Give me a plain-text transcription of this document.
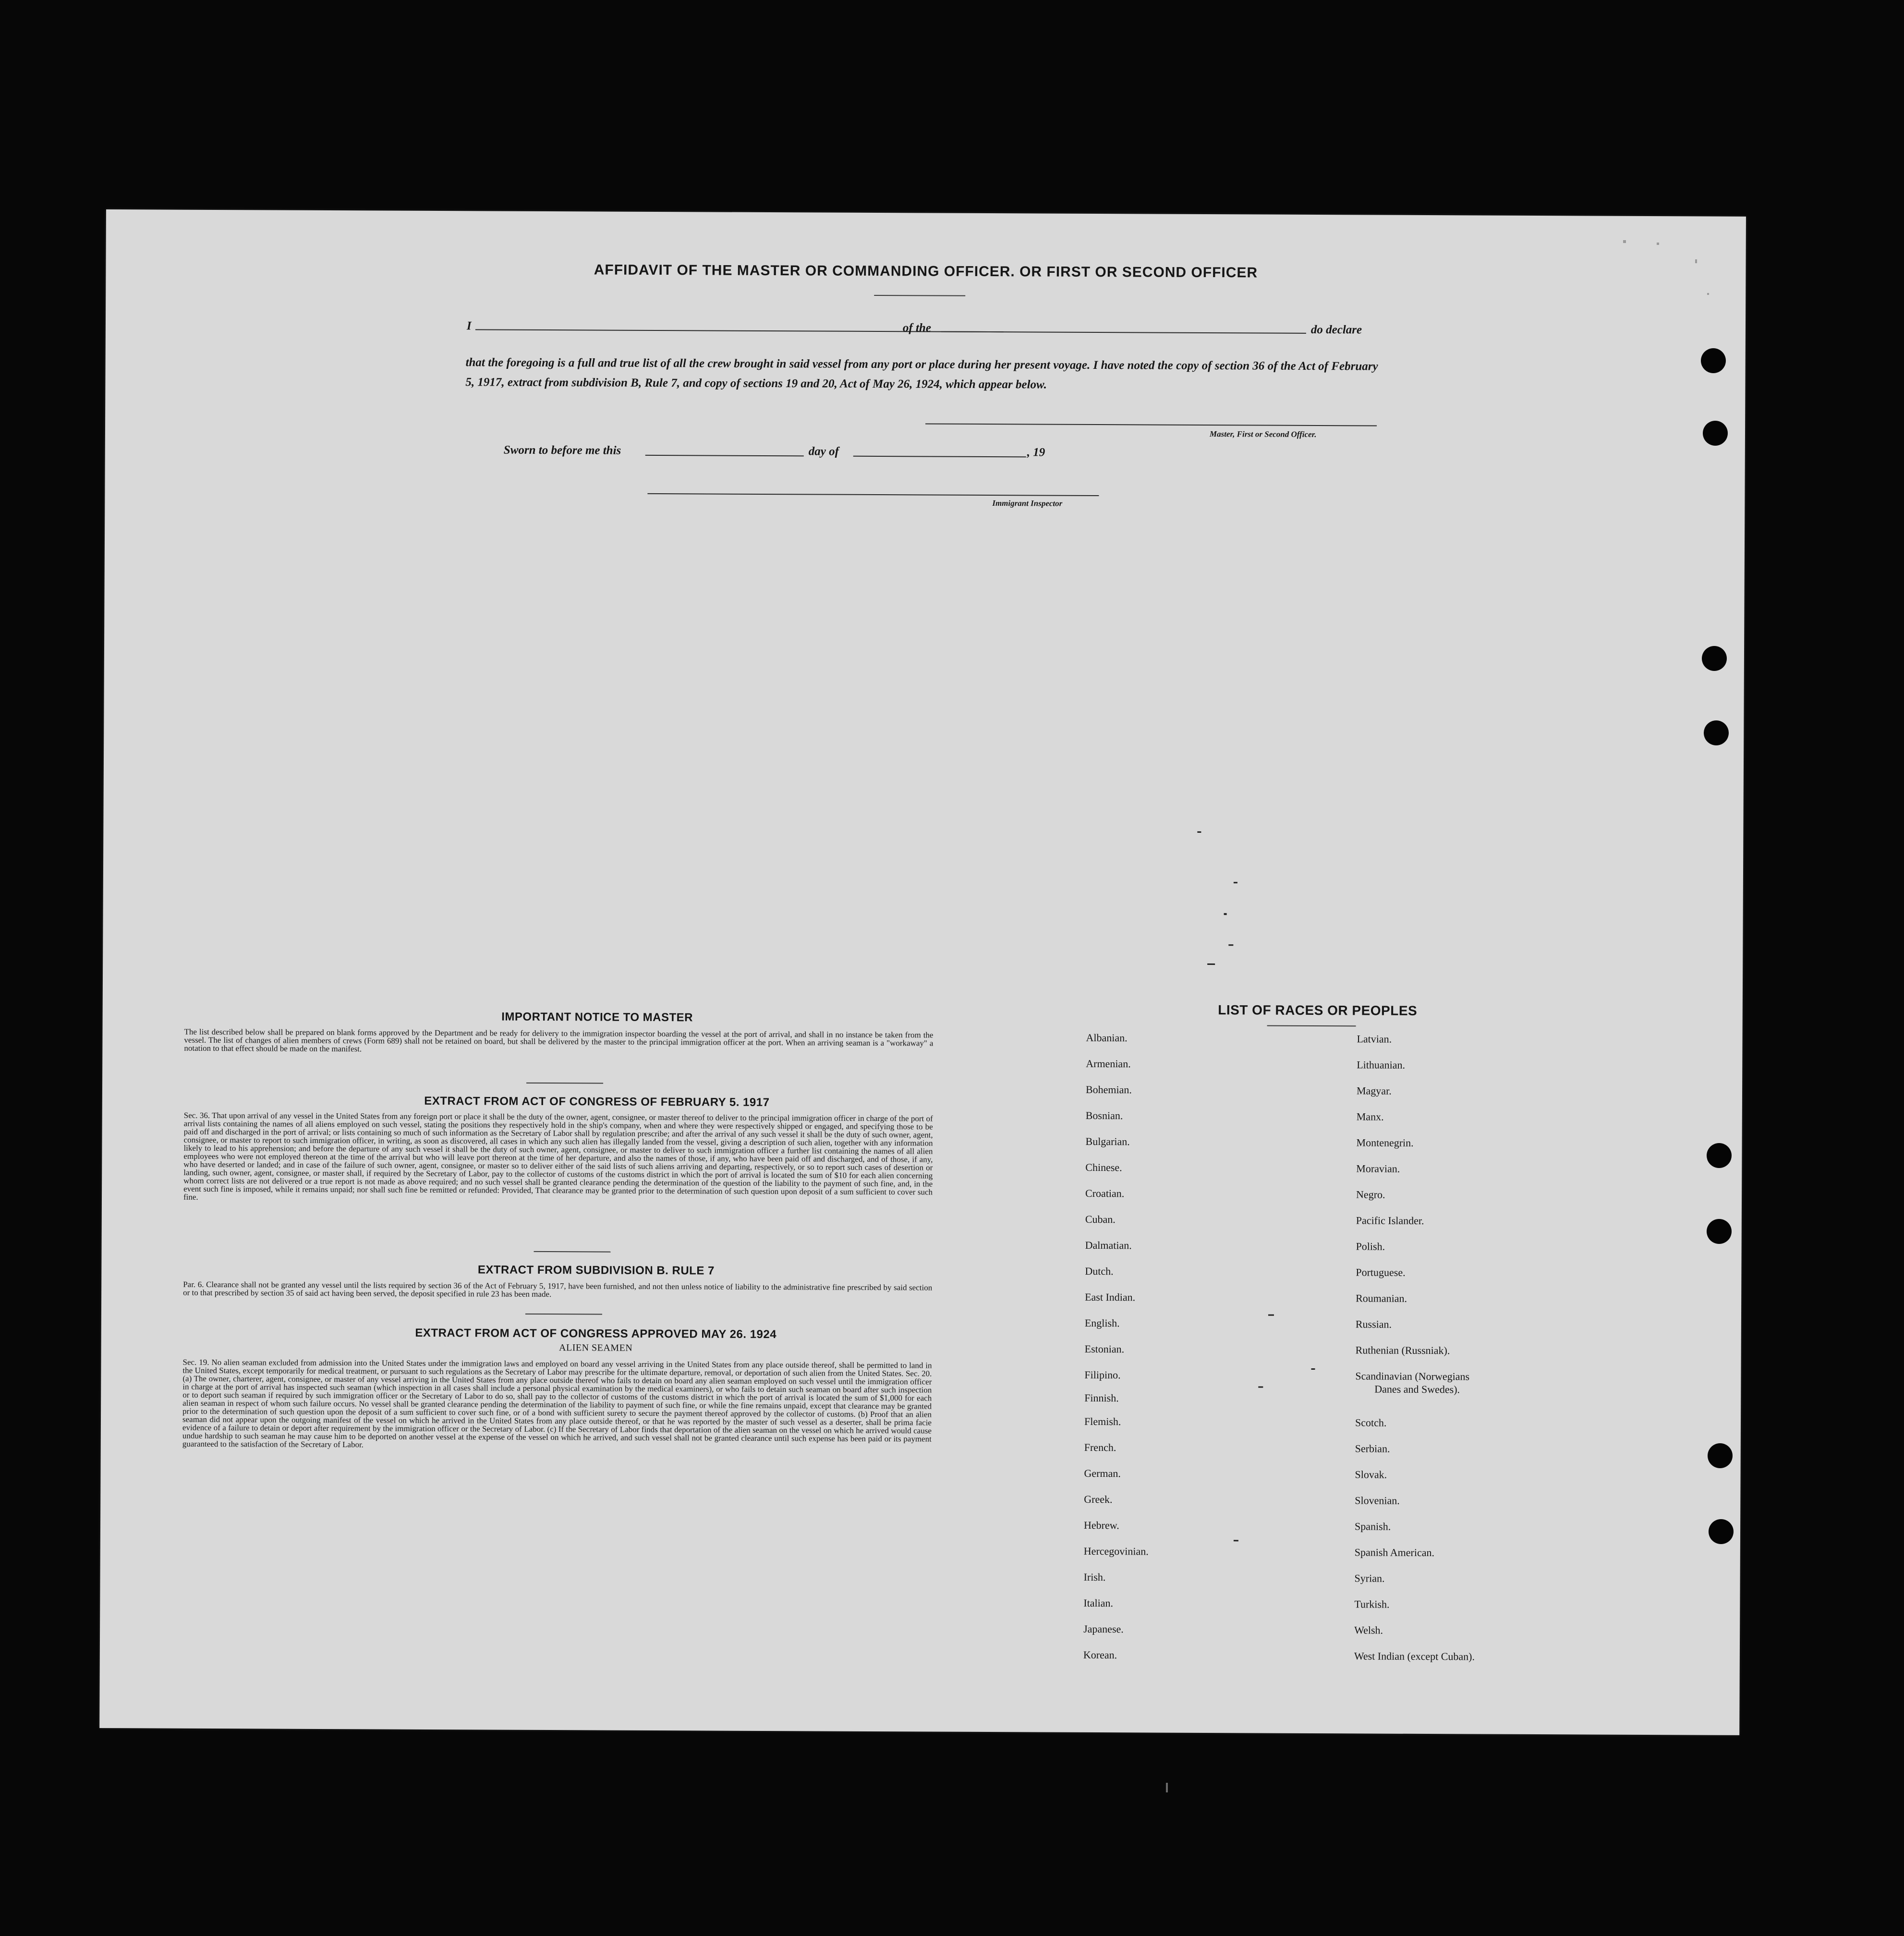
AFFIDAVIT OF THE MASTER OR COMMANDING OFFICER. OR FIRST OR SECOND OFFICER
I	of the	do declare
that the foregoing is a full and true list of all the crew brought in said vessel from any port or place during her present voyage. I have noted the copy of section 36 of the Act of February 5, 1917, extract from subdivision B, Rule 7, and copy of sections 19 and 20, Act of May 26, 1924, which appear below.
Master, First or Second Officer.
Sworn to before me this	day of	, 19
Immigrant Inspector
IMPORTANT NOTICE TO MASTER
The list described below shall be prepared on blank forms approved by the Department and be ready for delivery to the immigration inspector boarding the vessel at the port of arrival, and shall in no instance be taken from the vessel. The list of changes of alien members of crews (Form 689) shall not be retained on board, but shall be delivered by the master to the principal immigration officer at the port. When an arriving seaman is a "workaway" a notation to that effect should be made on the manifest.
EXTRACT FROM ACT OF CONGRESS OF FEBRUARY 5. 1917
Sec. 36. That upon arrival of any vessel in the United States from any foreign port or place it shall be the duty of the owner, agent, consignee, or master thereof to deliver to the principal immigration officer in charge of the port of arrival lists containing the names of all aliens employed on such vessel, stating the positions they respectively hold in the ship's company, when and where they were respectively shipped or engaged, and specifying those to be paid off and discharged in the port of arrival; or lists containing so much of such information as the Secretary of Labor shall by regulation prescribe; and after the arrival of any such vessel it shall be the duty of such owner, agent, consignee, or master to report to such immigration officer, in writing, as soon as discovered, all cases in which any such alien has illegally landed from the vessel, giving a description of such alien, together with any information likely to lead to his apprehension; and before the departure of any such vessel it shall be the duty of such owner, agent, consignee, or master to deliver to such immigration officer a further list containing the names of all alien employees who were not employed thereon at the time of the arrival but who will leave port thereon at the time of her departure, and also the names of those, if any, who have been paid off and discharged, and of those, if any, who have deserted or landed; and in case of the failure of such owner, agent, consignee, or master so to deliver either of the said lists of such aliens arriving and departing, respectively, or so to report such cases of desertion or landing, such owner, agent, consignee, or master shall, if required by the Secretary of Labor, pay to the collector of customs of the customs district in which the port of arrival is located the sum of $10 for each alien concerning whom correct lists are not delivered or a true report is not made as above required; and no such vessel shall be granted clearance pending the determination of the question of the liability to the payment of such fine, and, in the event such fine is imposed, while it remains unpaid; nor shall such fine be remitted or refunded: Provided, That clearance may be granted prior to the determination of such question upon deposit of a sum sufficient to cover such fine.
EXTRACT FROM SUBDIVISION B. RULE 7
Par. 6. Clearance shall not be granted any vessel until the lists required by section 36 of the Act of February 5, 1917, have been furnished, and not then unless notice of liability to the administrative fine prescribed by said section or to that prescribed by section 35 of said act having been served, the deposit specified in rule 23 has been made.
EXTRACT FROM ACT OF CONGRESS APPROVED MAY 26. 1924
ALIEN SEAMEN
Sec. 19. No alien seaman excluded from admission into the United States under the immigration laws and employed on board any vessel arriving in the United States from any place outside thereof, shall be permitted to land in the United States, except temporarily for medical treatment, or pursuant to such regulations as the Secretary of Labor may prescribe for the ultimate departure, removal, or deportation of such alien from the United States. Sec. 20. (a) The owner, charterer, agent, consignee, or master of any vessel arriving in the United States from any place outside thereof who fails to detain on board any alien seaman employed on such vessel until the immigration officer in charge at the port of arrival has inspected such seaman (which inspection in all cases shall include a personal physical examination by the medical examiners), or who fails to detain such seaman on board after such inspection or to deport such seaman if required by such immigration officer or the Secretary of Labor to do so, shall pay to the collector of customs of the customs district in which the port of arrival is located the sum of $1,000 for each alien seaman in respect of whom such failure occurs. No vessel shall be granted clearance pending the determination of the liability to payment of such fine, or while the fine remains unpaid, except that clearance may be granted prior to the determination of such question upon the deposit of a sum sufficient to cover such fine, or of a bond with sufficient surety to secure the payment thereof approved by the collector of customs. (b) Proof that an alien seaman did not appear upon the outgoing manifest of the vessel on which he arrived in the United States from any place outside thereof, or that he was reported by the master of such vessel as a deserter, shall be prima facie evidence of a failure to detain or deport after requirement by the immigration officer or the Secretary of Labor. (c) If the Secretary of Labor finds that deportation of the alien seaman on the vessel on which he arrived would cause undue hardship to such seaman he may cause him to be deported on another vessel at the expense of the vessel on which he arrived, and such vessel shall not be granted clearance until such expense has been paid or its payment guaranteed to the satisfaction of the Secretary of Labor.
LIST OF RACES OR PEOPLES
Albanian.
Armenian.
Bohemian.
Bosnian.
Bulgarian.
Chinese.
Croatian.
Cuban.
Dalmatian.
Dutch.
East Indian.
English.
Estonian.
Filipino.
Finnish.
Flemish.
French.
German.
Greek.
Hebrew.
Hercegovinian.
Irish.
Italian.
Japanese.
Korean.
Latvian.
Lithuanian.
Magyar.
Manx.
Montenegrin.
Moravian.
Negro.
Pacific Islander.
Polish.
Portuguese.
Roumanian.
Russian.
Ruthenian (Russniak).
Scandinavian (Norwegians
Danes and Swedes).
Scotch.
Serbian.
Slovak.
Slovenian.
Spanish.
Spanish American.
Syrian.
Turkish.
Welsh.
West Indian (except Cuban).
